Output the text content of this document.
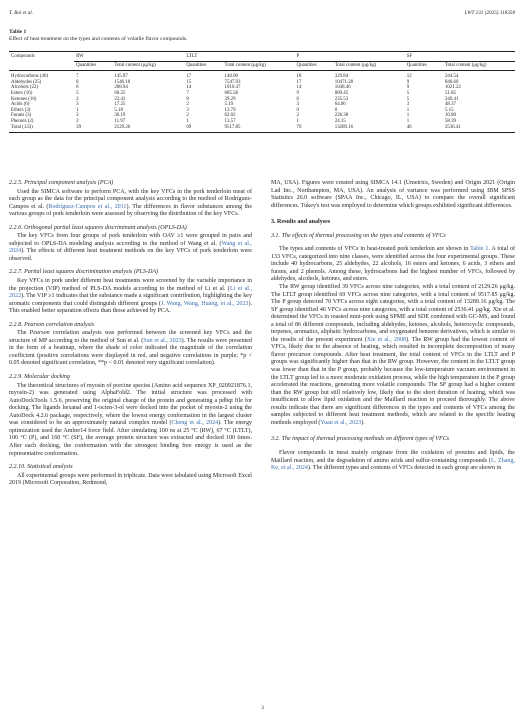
T. Bai et al.	LWT 231 (2025) 118358
Table 1
Effect of heat treatment on the types and contents of volatile flavor compounds.
Compounds	RW		LTLT		P		SF	
	Quantities	Total content (μg/kg)	Quantities	Total content (μg/kg)	Quantities	Total content (μg/kg)	Quantities	Total content (μg/kg)
Hydrocarbons (40)	7	145.97	17	140.00	18	329.84	12	244.54
Aldehydes (25)	8	1546.10	15	7547.93	17	10471.28	9	846.60
Alcohols (22)	6	288.94	14	1010.47	14	1048.46	9	1021.22
Esters (16)	5	60.25	7	685.58	9	889.45	5	51.85
Ketones (16)	2	23.41	8	39.29	6	235.53	5	249.41
Acids (6)	3	17.25	2	5.19	3	64.06	3	48.37
Ethers (3)	1	5.18	3	13.79	0	0	1	5.15
Furans (3)	2	30.19	2	62.02	2	226.38	1	10.88
Phenols (2)	2	11.97	1	13.57	1	24.15	1	58.39
Total (133)	39	2129.26	69	9517.85	70	13289.16	46	2536.41
2.2.5. Principal component analysis (PCA)

Used the SIMCA software to perform PCA, with the key VFCs in the pork tenderloin meat of each group as the data for the principal component analysis according to the method of Rodríguez-Campos et al. (Rodríguez-Campos et al., 2011). The differences in flavor substances among the various groups of pork tenderloin were assessed by observing the distribution of the key VFCs.

2.2.6. Orthogonal partial least squares discriminant analysis (OPLS-DA)

The key VFCs from four groups of pork tenderloin with OAV ≥1 were grouped in pairs and subjected to OPLS-DA modeling analysis according to the method of Wang et al. (Wang et al., 2024). The effects of different heat treatment methods on the key VFCs of pork tenderloin were observed.

2.2.7. Partial least squares discrimination analysis (PLS-DA)

Key VFCs in pork under different heat treatments were screened by the variable importance in the projection (VIP) method of PLS-DA models according to the method of Li et al. (Li et al., 2022). The VIP ≥1 indicates that the substance made a significant contribution, highlighting the key aromatic components that could distinguish different groups (J. Wang, Wang, Huang, et al., 2023). This enabled better separation effects than those achieved by PCA.

2.2.8. Pearson correlation analysis

The Pearson correlation analysis was performed between the screened key VFCs and the structure of MP according to the method of Sun et al. (Sun et al., 2023). The results were presented in the form of a heatmap, where the shade of color indicated the magnitude of the correlation coefficient (positive correlations were displayed in red, and negative correlations in purple; *p < 0.05 denoted significant correlation, **p < 0.01 denoted very significant correlation).

2.2.9. Molecular docking

The theoretical structures of myosin of porcine species (Amino acid sequence XP_020921876.1, myosin-2) was generated using AlphaFold2. The initial structure was processed with AutoDockTools 1.5.6, preserving the original charge of the protein and generating a pdbqt file for docking. The ligands hexanal and 1-octen-3-ol were docked into the pocket of myosin-2 using the AutoDock 4.2.6 package, respectively, where the lowest energy conformation in the largest cluster was considered to be an approximately natural complex model (Cheng et al., 2024). The energy optimization used the Amber14 force field. After simulating 100 ns at 25 °C (RW), 67 °C (LTLT), 100 °C (P), and 160 °C (SF), the average protein structure was extracted and docked 100 times. After each docking, the conformation with the strongest binding free energy is used as the representative conformation.

2.2.10. Statistical analysis

All experimental groups were performed in triplicate. Data were tabulated using Microsoft Excel 2019 (Microsoft Corporation, Redmond,

MA, USA). Figures were created using SIMCA 14.1 (Umetrics, Sweden) and Origin 2021 (Origin Lad Inc., Northampton, MA, USA). An analysis of variance was performed using IBM SPSS Statistics 26.0 software (SPAA Inc., Chicago, IL, USA) to compare the overall significant differences. Tukey's test was employed to determine which groups exhibited significant differences.

3. Results and analyses
3.1. The effects of thermal processing on the types and contents of VFCs

The types and contents of VFCs in heat-treated pork tenderloin are shown in Table 1. A total of 133 VFCs, categorized into nine classes, were identified across the four experimental groups. These include 40 hydrocarbons, 25 aldehydes, 22 alcohols, 16 esters and ketones, 6 acids, 3 ethers and furans, and 2 phenols. Among these, hydrocarbons had the highest number of VFCs, followed by aldehydes, alcohols, ketones, and esters.

The RW group identified 39 VFCs across nine categories, with a total content of 2129.26 μg/kg. The LTLT group identified 69 VFCs across nine categories, with a total content of 9517.85 μg/kg. The P group detected 70 VFCs across eight categories, with a total content of 13289.16 μg/kg. The SF group identified 46 VFCs across nine categories, with a total content of 2536.41 μg/kg. Xie et al. determined the VFCs in roasted mini-pork using SPME and SDE combined with GC-MS, and found a total of 86 different compounds, including aldehydes, ketones, alcohols, heterocyclic compounds, terpenes, aromatics, aliphatic hydrocarbons, and oxygenated benzene derivatives, which is similar to the results of the present experiment (Xie et al., 2008). The RW group had the lowest content of VFCs, likely due to the absence of heating, which resulted in incomplete decomposition of many flavor precursor compounds. After heat treatment, the total content of VFCs in the LTLT and P groups was significantly higher than that in the RW group. However, the content in the LTLT group was lower than that in the P group, probably because the low-temperature vacuum environment in the LTLT group led to a more moderate oxidation process, while the high temperature in the P group accelerated the reactions, generating more volatile compounds. The SF group had a higher content than the RW group but still relatively low, likely due to the short duration of heating, which was insufficient to allow lipid oxidation and the Maillard reaction to proceed thoroughly. The above results indicate that there are significant differences in the types and contents of VFCs among the samples subjected to different heat treatment methods, which are related to the specific heating methods employed (Yuan et al., 2023).

3.2. The impact of thermal processing methods on different types of VFCs

Flavor compounds in meat mainly originate from the oxidation of proteins and lipids, the Maillard reaction, and the degradation of amino acids and sulfur-containing compounds (L. Zhang, Ke, et al., 2024). The different types and contents of VFCs detected in each group are shown in

3
